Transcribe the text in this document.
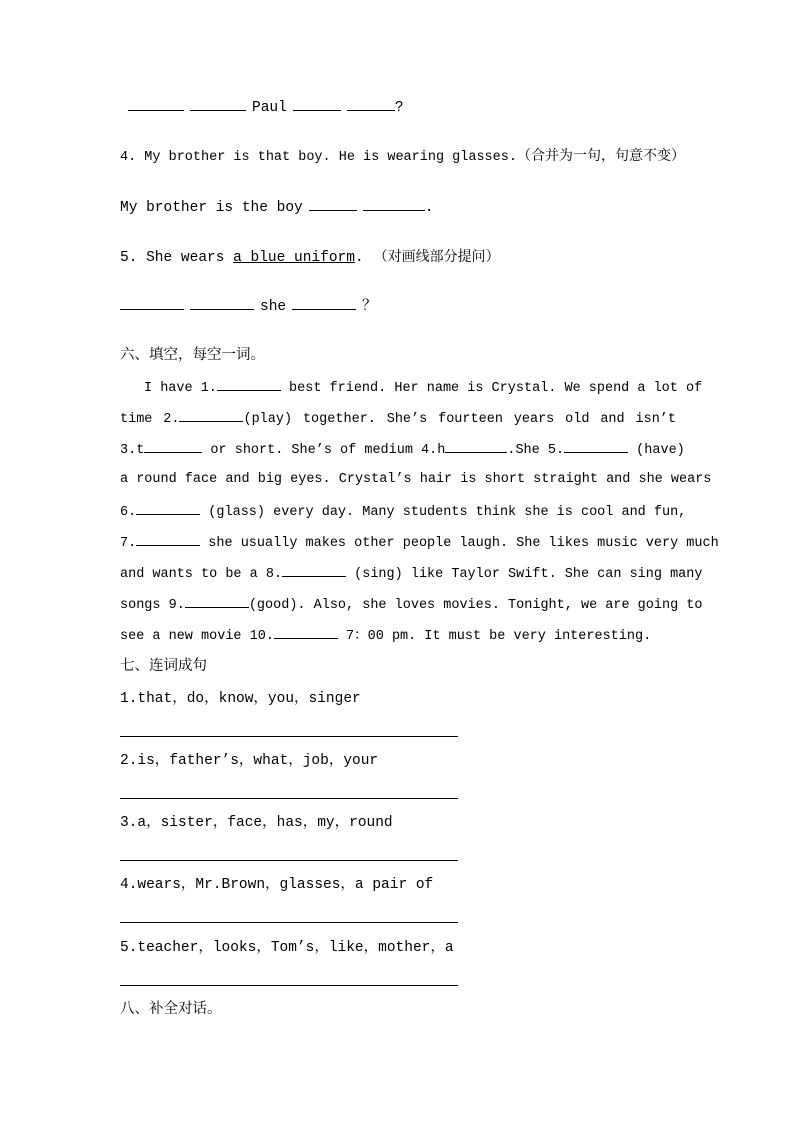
Paul	?
4. My brother is that boy. He is wearing glasses.（合并为一句，句意不变）
My brother is the boy	.
5. She wears a blue uniform. （对画线部分提问）
she	？
六、填空，每空一词。
I have 1.	best friend. Her name is Crystal. We spend a lot of
time 2.	(play) together. She’s fourteen years old and isn’t
3.t	or short. She’s of medium 4.h	.She 5.	(have)
a round face and big eyes. Crystal’s hair is short straight and she wears
6.	(glass) every day. Many students think she is cool and fun,
7.	she usually makes other people laugh. She likes music very much
and wants to be a 8.	(sing) like Taylor Swift. She can sing many
songs 9.	(good). Also, she loves movies. Tonight, we are going to
see a new movie 10.	7：00 pm. It must be very interesting.
七、连词成句
1.that，do，know，you，singer
2.is，father’s，what，job，your
3.a，sister，face，has，my，round
4.wears，Mr.Brown，glasses，a pair of
5.teacher，looks，Tom’s，like，mother，a
八、补全对话。
